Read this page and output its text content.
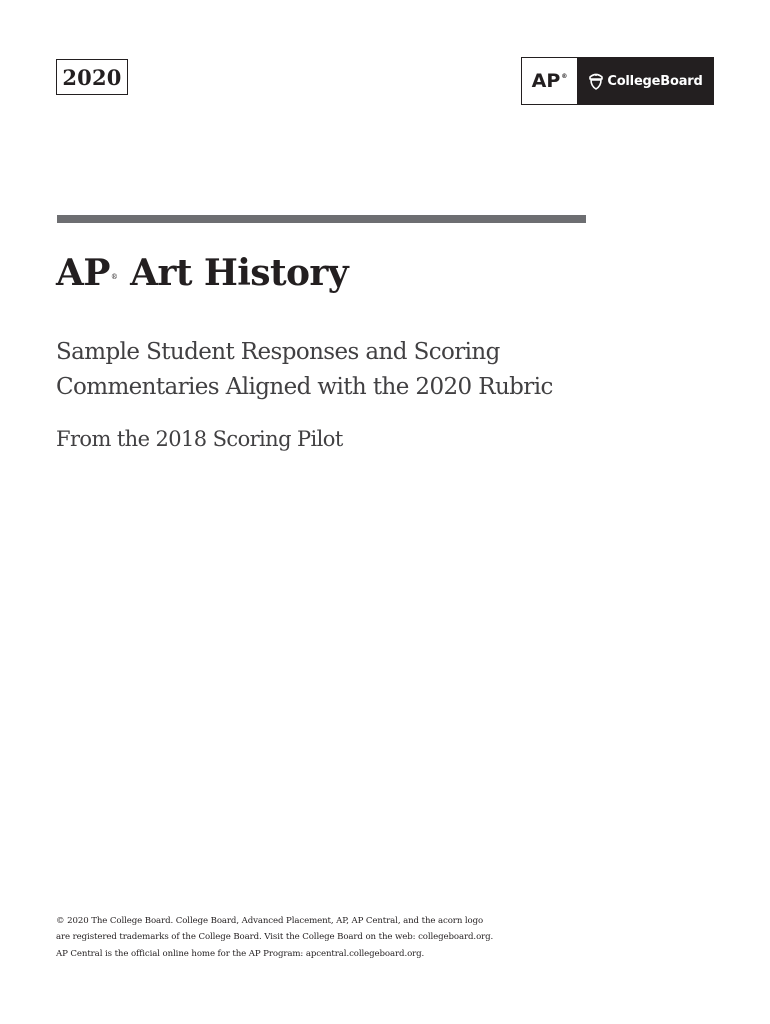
2020	AP®	CollegeBoard
AP® Art History
Sample Student Responses and Scoring
Commentaries Aligned with the 2020 Rubric

From the 2018 Scoring Pilot

© 2020 The College Board. College Board, Advanced Placement, AP, AP Central, and the acorn logo

are registered trademarks of the College Board. Visit the College Board on the web: collegeboard.org.

AP Central is the official online home for the AP Program: apcentral.collegeboard.org.
